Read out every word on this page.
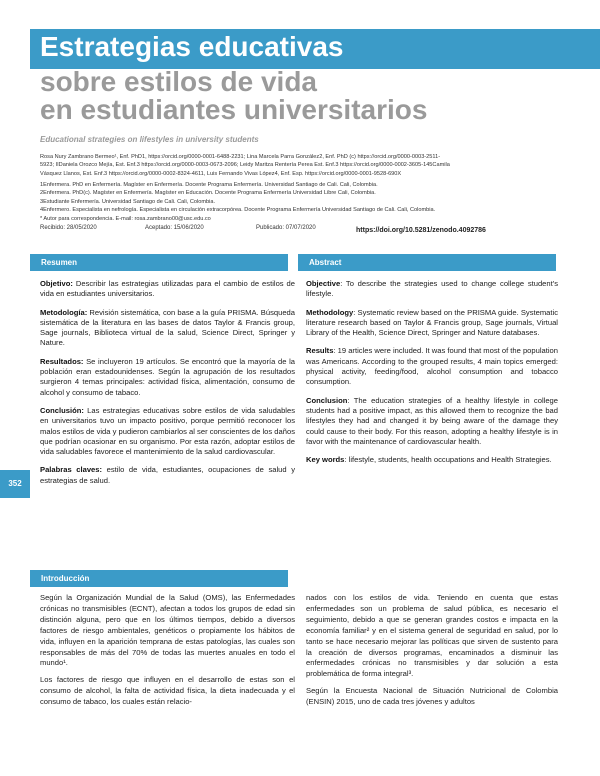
Estrategias educativas
sobre estilos de vida
en estudiantes universitarios
Educational strategies on lifestyles in university students
Rosa Nury Zambrano Bermeo¹, Enf. PhD1, https://orcid.org/0000-0001-6488-2231; Lina Marcela Parra González2, Enf. PhD (c) https://orcid.org/0000-0003-2511-
5923; IIDaniela Orozco Mejía, Est. Enf.3 https://orcid.org/0000-0003-0673-2096; Leidy Maritza Rentería Perea Est. Enf.3 https://orcid.org/0000-0002-3605-145Camila
Vásquez Llanos, Est. Enf.3 https://orcid.org/0000-0002-8324-4611, Luis Fernando Vivas López4, Enf. Esp. https://orcid.org/0000-0001-9528-690X
1Enfermera. PhD en Enfermería. Magíster en Enfermería. Docente Programa Enfermería. Universidad Santiago de Cali. Cali, Colombia.
2Enfermera. PhD(c). Magíster en Enfermería. Magíster en Educación. Docente Programa Enfermería Universidad Libre Cali, Colombia.
3Estudiante Enfermería. Universidad Santiago de Cali. Cali, Colombia.
4Enfermero. Especialista en nefrología. Especialista en circulación extracorpórea. Docente Programa Enfermería Universidad Santiago de Cali. Cali, Colombia.
* Autor para correspondencia. E-mail: rosa.zambrano00@usc.edu.co
Recibido: 28/05/2020	Aceptado: 15/06/2020	Publicado: 07/07/2020	https://doi.org/10.5281/zenodo.4092786
Resumen

Objetivo: Describir las estrategias utilizadas para el cambio de estilos de vida en estudiantes universitarios.

Metodología: Revisión sistemática, con base a la guía PRISMA. Búsqueda sistemática de la literatura en las bases de datos Taylor & Francis group, Sage journals, Biblioteca virtual de la salud, Science Direct, Springer y Nature.

Resultados: Se incluyeron 19 artículos. Se encontró que la mayoría de la población eran estadounidenses. Según la agrupación de los resultados surgieron 4 temas principales: actividad física, alimentación, consumo de alcohol y consumo de tabaco.

Conclusión: Las estrategias educativas sobre estilos de vida saludables en universitarios tuvo un impacto positivo, porque permitió reconocer los malos estilos de vida y pudieron cambiarlos al ser conscientes de los daños que podrían ocasionar en su organismo. Por esta razón, adoptar estilos de vida saludables favorece el mantenimiento de la salud cardiovascular.

Palabras claves: estilo de vida, estudiantes, ocupaciones de salud y estrategias de salud.

Abstract

Objective: To describe the strategies used to change college student's lifestyle.

Methodology: Systematic review based on the PRISMA guide. Systematic literature research based on Taylor & Francis group, Sage journals, Virtual Library of the Health, Science Direct, Springer and Nature databases.

Results: 19 articles were included. It was found that most of the population was Americans. According to the grouped results, 4 main topics emerged: physical activity, feeding/food, alcohol consumption and tobacco consumption.

Conclusion: The education strategies of a healthy lifestyle in college students had a positive impact, as this allowed them to recognize the bad lifestyles they had and changed it by being aware of the damage they could cause to their body. For this reason, adopting a healthy lifestyle is in favor with the maintenance of cardiovascular health.

Key words: lifestyle, students, health occupations and Health Strategies.

352
Introducción

Según la Organización Mundial de la Salud (OMS), las Enfermedades crónicas no transmisibles (ECNT), afectan a todos los grupos de edad sin distinción alguna, pero que en los últimos tiempos, debido a diversos factores de riesgo ambientales, genéticos o propiamente los hábitos de vida, influyen en la aparición temprana de estas patologías, las cuales son responsables de más del 70% de todas las muertes anuales en todo el mundo¹.

Los factores de riesgo que influyen en el desarrollo de estas son el consumo de alcohol, la falta de actividad física, la dieta inadecuada y el consumo de tabaco, los cuales están relacio-

nados con los estilos de vida. Teniendo en cuenta que estas enfermedades son un problema de salud pública, es necesario el seguimiento, debido a que se generan grandes costos e impacta en la economía familiar² y en el sistema general de seguridad en salud, por lo tanto se hace necesario mejorar las políticas que sirven de sustento para la creación de diversos programas, encaminados a disminuir las enfermedades crónicas no transmisibles y dar solución a esta problemática de forma integral³.

Según la Encuesta Nacional de Situación Nutricional de Colombia (ENSIN) 2015, uno de cada tres jóvenes y adultos
